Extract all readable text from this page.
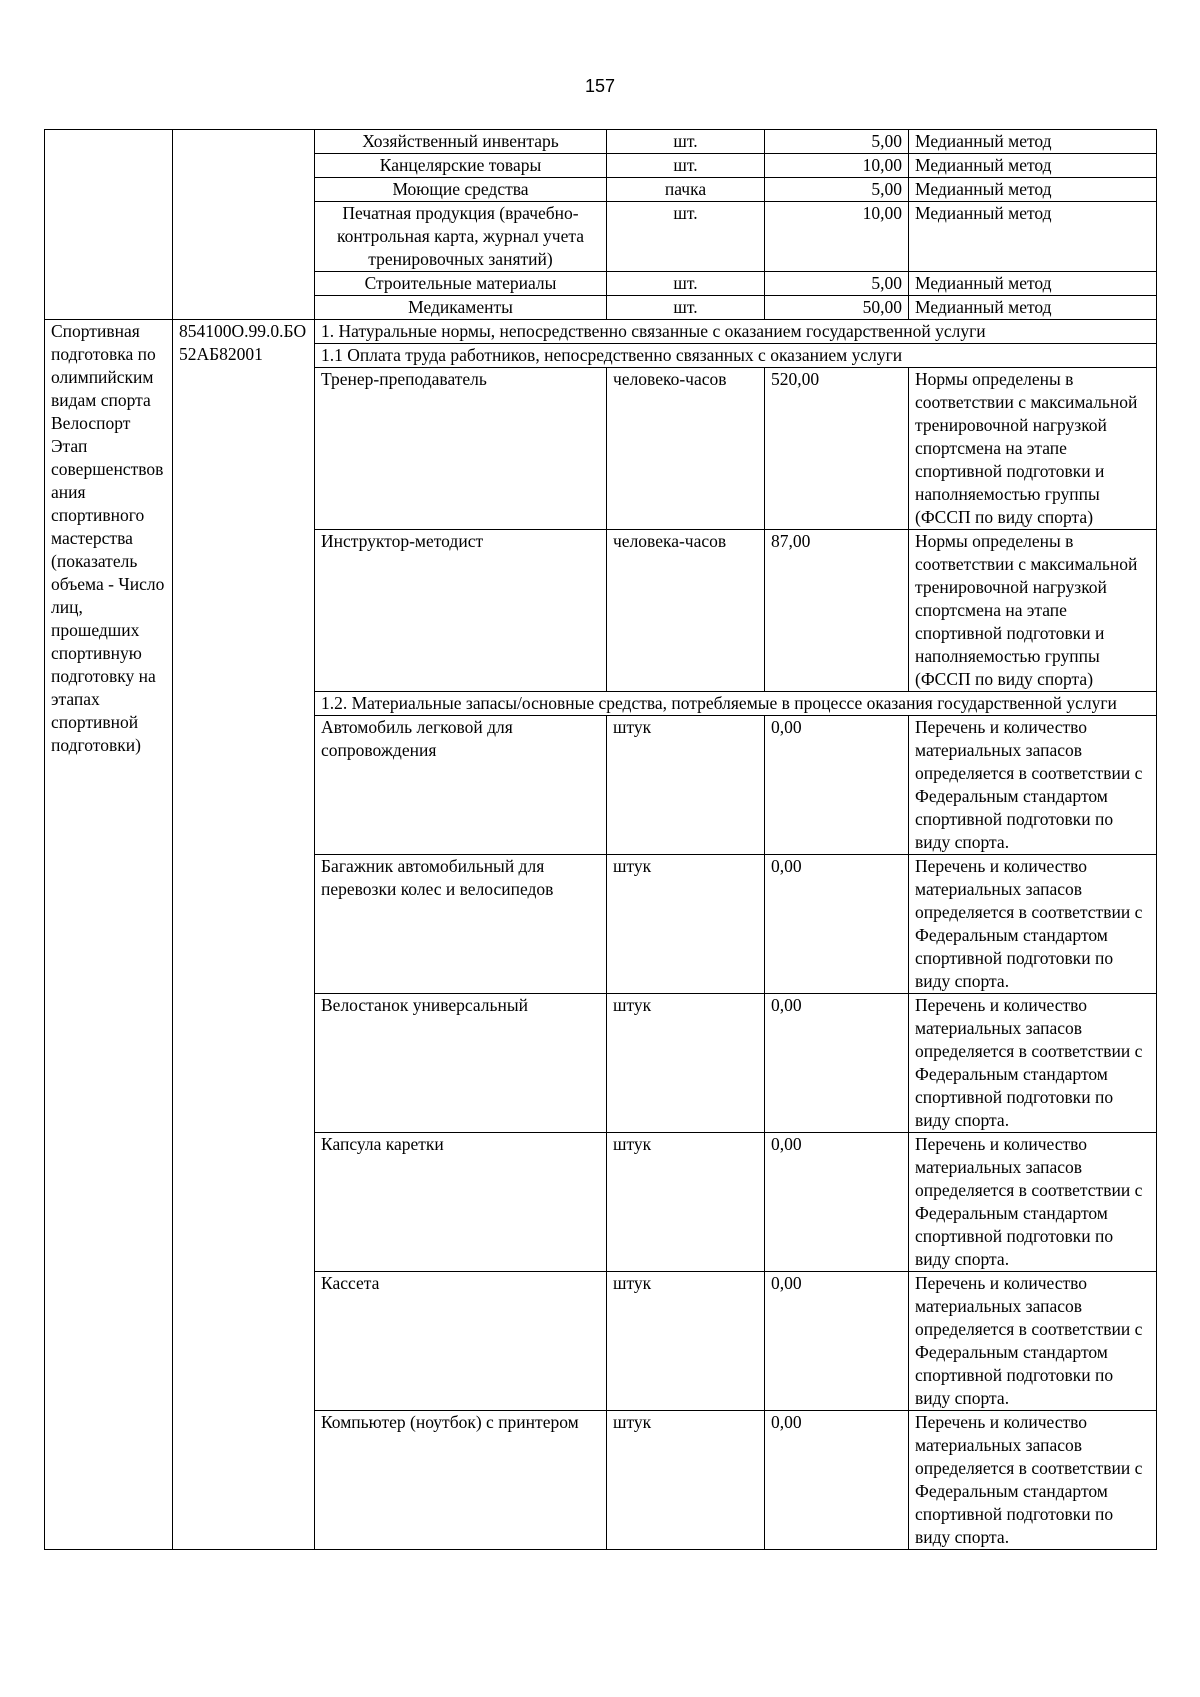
157
		Хозяйственный инвентарь	шт.	5,00	Медианный метод
		Канцелярские товары	шт.	10,00	Медианный метод
		Моющие средства	пачка	5,00	Медианный метод
		Печатная продукция (врачебно-контрольная карта, журнал учета тренировочных занятий)	шт.	10,00	Медианный метод
		Строительные материалы	шт.	5,00	Медианный метод
		Медикаменты	шт.	50,00	Медианный метод
Спортивная подготовка по олимпийским видам спорта Велоспорт Этап совершенствования спортивного мастерства (показатель объема - Число лиц, прошедших спортивную подготовку на этапах спортивной подготовки)	854100О.99.0.БО52АБ82001	1. Натуральные нормы, непосредственно связанные с оказанием государственной услуги			
		1.1 Оплата труда работников, непосредственно связанных с оказанием услуги			
		Тренер-преподаватель	человеко-часов	520,00	Нормы определены в соответствии с максимальной тренировочной нагрузкой спортсмена на этапе спортивной подготовки и наполняемостью группы (ФССП по виду спорта)
		Инструктор-методист	человека-часов	87,00	Нормы определены в соответствии с максимальной тренировочной нагрузкой спортсмена на этапе спортивной подготовки и наполняемостью группы (ФССП по виду спорта)
		1.2. Материальные запасы/основные средства, потребляемые в процессе оказания государственной услуги			
		Автомобиль легковой для сопровождения	штук	0,00	Перечень и количество материальных запасов определяется в соответствии с Федеральным стандартом спортивной подготовки по виду спорта.
		Багажник автомобильный для перевозки колес и велосипедов	штук	0,00	Перечень и количество материальных запасов определяется в соответствии с Федеральным стандартом спортивной подготовки по виду спорта.
		Велостанок универсальный	штук	0,00	Перечень и количество материальных запасов определяется в соответствии с Федеральным стандартом спортивной подготовки по виду спорта.
		Капсула каретки	штук	0,00	Перечень и количество материальных запасов определяется в соответствии с Федеральным стандартом спортивной подготовки по виду спорта.
		Кассета	штук	0,00	Перечень и количество материальных запасов определяется в соответствии с Федеральным стандартом спортивной подготовки по виду спорта.
		Компьютер (ноутбок) с принтером	штук	0,00	Перечень и количество материальных запасов определяется в соответствии с Федеральным стандартом спортивной подготовки по виду спорта.
